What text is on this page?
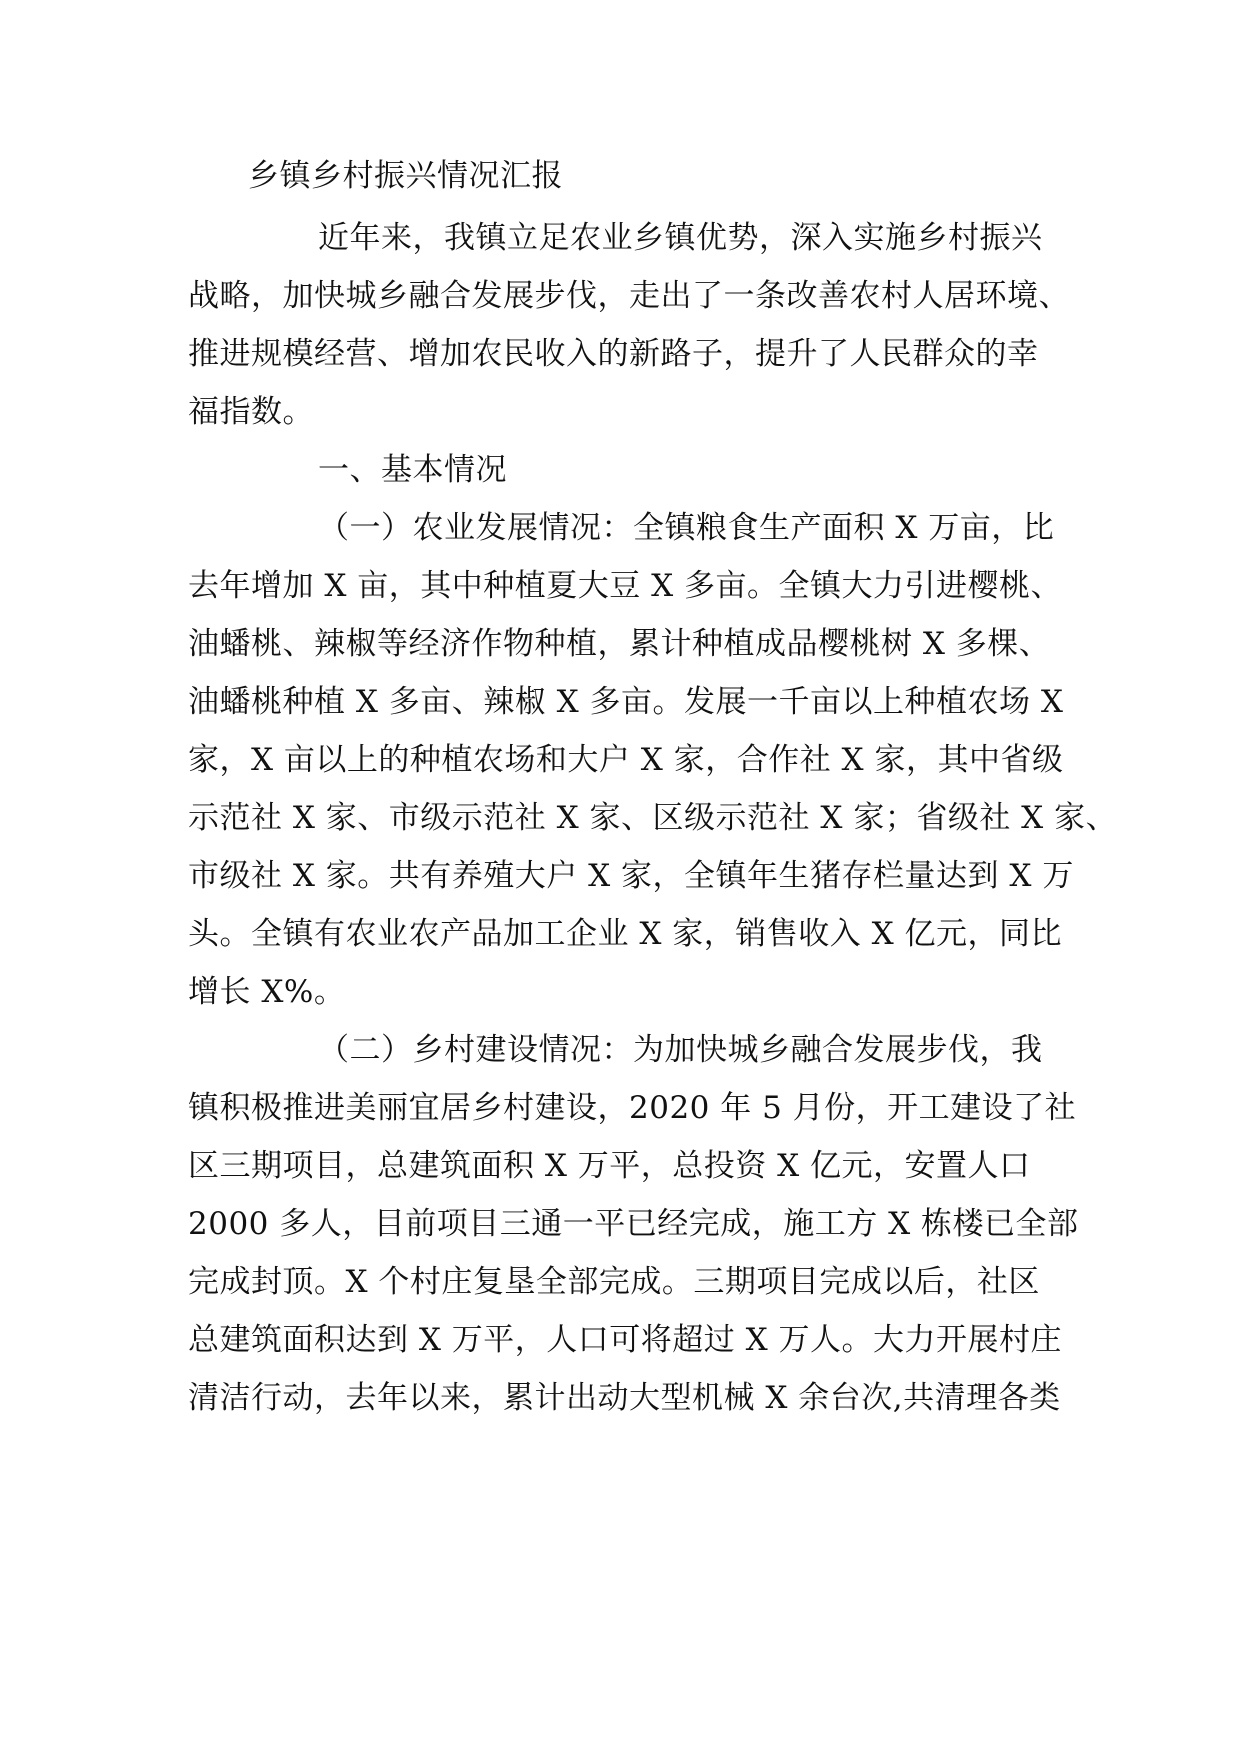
乡镇乡村振兴情况汇报
近年来，我镇立足农业乡镇优势，深入实施乡村振兴
战略，加快城乡融合发展步伐，走出了一条改善农村人居环境、
推进规模经营、增加农民收入的新路子，提升了人民群众的幸
福指数。
一、基本情况
（一）农业发展情况：全镇粮食生产面积 X 万亩，比
去年增加 X 亩，其中种植夏大豆 X 多亩。全镇大力引进樱桃、
油蟠桃、辣椒等经济作物种植，累计种植成品樱桃树 X 多棵、
油蟠桃种植 X 多亩、辣椒 X 多亩。发展一千亩以上种植农场 X
家，X 亩以上的种植农场和大户 X 家，合作社 X 家，其中省级
示范社 X 家、市级示范社 X 家、区级示范社 X 家；省级社 X 家、
市级社 X 家。共有养殖大户 X 家，全镇年生猪存栏量达到 X 万
头。全镇有农业农产品加工企业 X 家，销售收入 X 亿元，同比
增长 X%。
（二）乡村建设情况：为加快城乡融合发展步伐，我
镇积极推进美丽宜居乡村建设，2020 年 5 月份，开工建设了社
区三期项目，总建筑面积 X 万平，总投资 X 亿元，安置人口
2000 多人，目前项目三通一平已经完成，施工方 X 栋楼已全部
完成封顶。X 个村庄复垦全部完成。三期项目完成以后，社区
总建筑面积达到 X 万平，人口可将超过 X 万人。大力开展村庄
清洁行动，去年以来，累计出动大型机械 X 余台次,共清理各类
